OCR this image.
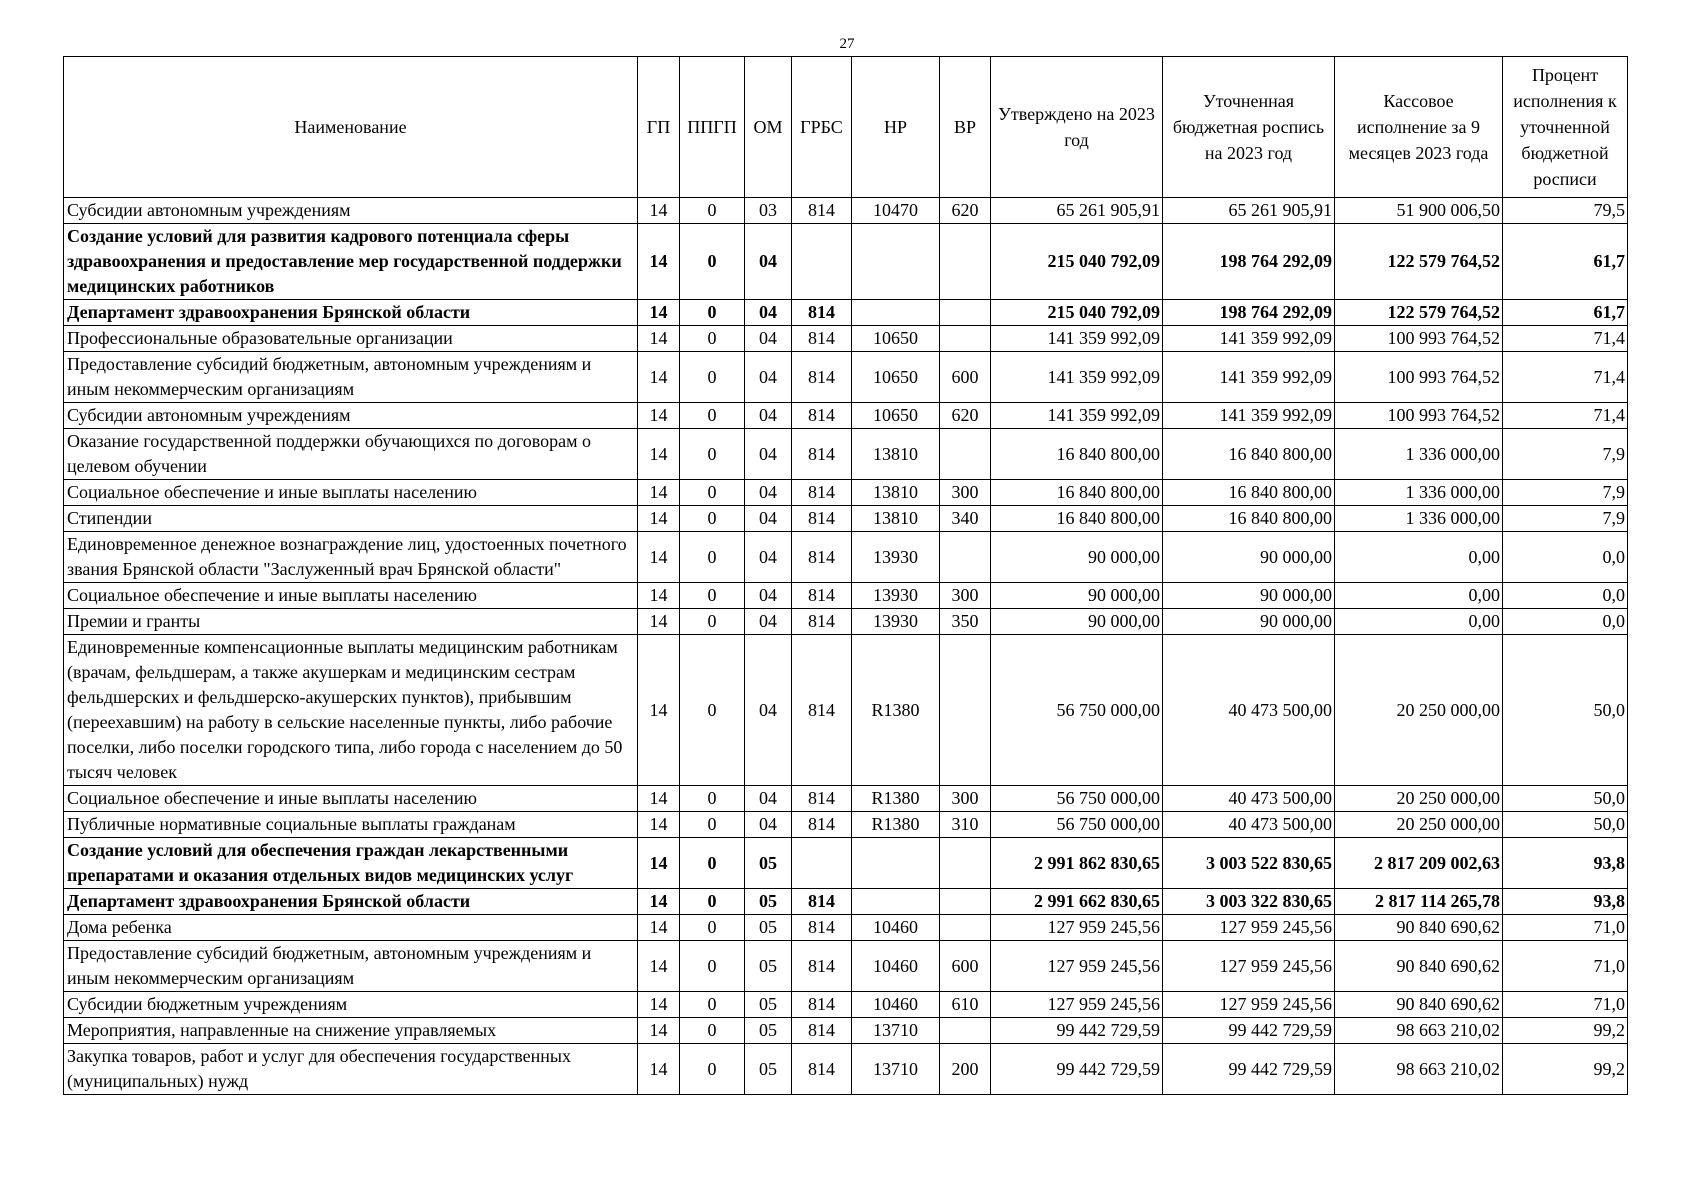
27
Наименование	ГП	ППГП	ОМ	ГРБС	НР	ВР	Утверждено на 2023 год	Уточненная бюджетная роспись на 2023 год	Кассовое исполнение за 9 месяцев 2023 года	Процент исполнения к уточненной бюджетной росписи
Субсидии автономным учреждениям	14	0	03	814	10470	620	65 261 905,91	65 261 905,91	51 900 006,50	79,5
Создание условий для развития кадрового потенциала сферы здравоохранения и предоставление мер государственной поддержки медицинских работников	14	0	04				215 040 792,09	198 764 292,09	122 579 764,52	61,7
Департамент здравоохранения Брянской области	14	0	04	814			215 040 792,09	198 764 292,09	122 579 764,52	61,7
Профессиональные образовательные организации	14	0	04	814	10650		141 359 992,09	141 359 992,09	100 993 764,52	71,4
Предоставление субсидий бюджетным, автономным учреждениям и иным некоммерческим организациям	14	0	04	814	10650	600	141 359 992,09	141 359 992,09	100 993 764,52	71,4
Субсидии автономным учреждениям	14	0	04	814	10650	620	141 359 992,09	141 359 992,09	100 993 764,52	71,4
Оказание государственной поддержки обучающихся по договорам о целевом обучении	14	0	04	814	13810		16 840 800,00	16 840 800,00	1 336 000,00	7,9
Социальное обеспечение и иные выплаты населению	14	0	04	814	13810	300	16 840 800,00	16 840 800,00	1 336 000,00	7,9
Стипендии	14	0	04	814	13810	340	16 840 800,00	16 840 800,00	1 336 000,00	7,9
Единовременное денежное вознаграждение лиц, удостоенных почетного звания Брянской области "Заслуженный врач Брянской области"	14	0	04	814	13930		90 000,00	90 000,00	0,00	0,0
Социальное обеспечение и иные выплаты населению	14	0	04	814	13930	300	90 000,00	90 000,00	0,00	0,0
Премии и гранты	14	0	04	814	13930	350	90 000,00	90 000,00	0,00	0,0
Единовременные компенсационные выплаты медицинским работникам (врачам, фельдшерам, а также акушеркам и медицинским сестрам фельдшерских и фельдшерско-акушерских пунктов), прибывшим (переехавшим) на работу в сельские населенные пункты, либо рабочие поселки, либо поселки городского типа, либо города с населением до 50 тысяч человек	14	0	04	814	R1380		56 750 000,00	40 473 500,00	20 250 000,00	50,0
Социальное обеспечение и иные выплаты населению	14	0	04	814	R1380	300	56 750 000,00	40 473 500,00	20 250 000,00	50,0
Публичные нормативные социальные выплаты гражданам	14	0	04	814	R1380	310	56 750 000,00	40 473 500,00	20 250 000,00	50,0
Создание условий для обеспечения граждан лекарственными препаратами и оказания отдельных видов медицинских услуг	14	0	05				2 991 862 830,65	3 003 522 830,65	2 817 209 002,63	93,8
Департамент здравоохранения Брянской области	14	0	05	814			2 991 662 830,65	3 003 322 830,65	2 817 114 265,78	93,8
Дома ребенка	14	0	05	814	10460		127 959 245,56	127 959 245,56	90 840 690,62	71,0
Предоставление субсидий бюджетным, автономным учреждениям и иным некоммерческим организациям	14	0	05	814	10460	600	127 959 245,56	127 959 245,56	90 840 690,62	71,0
Субсидии бюджетным учреждениям	14	0	05	814	10460	610	127 959 245,56	127 959 245,56	90 840 690,62	71,0
Мероприятия, направленные на снижение управляемых	14	0	05	814	13710		99 442 729,59	99 442 729,59	98 663 210,02	99,2
Закупка товаров, работ и услуг для обеспечения государственных (муниципальных) нужд	14	0	05	814	13710	200	99 442 729,59	99 442 729,59	98 663 210,02	99,2
